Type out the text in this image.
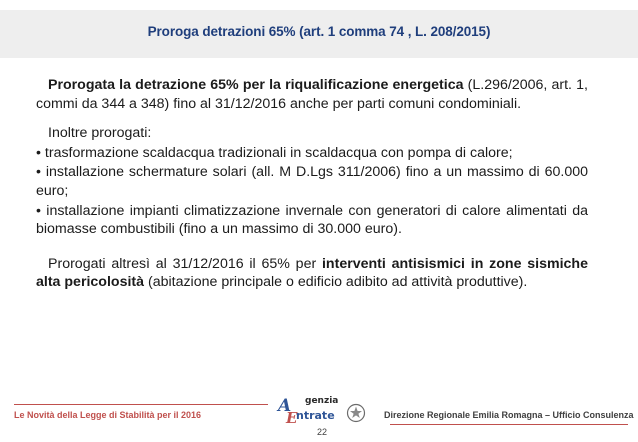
Proroga detrazioni 65% (art. 1 comma 74 , L. 208/2015)
Prorogata la detrazione 65% per la riqualificazione energetica (L.296/2006, art. 1, commi da 344 a 348) fino al 31/12/2016 anche per parti comuni condominiali.
Inoltre prorogati:
• trasformazione scaldacqua tradizionali in scaldacqua con pompa di calore;
• installazione schermature solari (all. M D.Lgs 311/2006) fino a un massimo di 60.000 euro;
• installazione impianti climatizzazione invernale con generatori di calore alimentati da biomasse combustibili (fino a un massimo di 30.000 euro).
Prorogati altresì al 31/12/2016 il 65% per interventi antisismici in zone sismiche alta pericolosità (abitazione principale o edificio adibito ad attività produttive).
Le Novità della Legge di Stabilità per il 2016	A
E
genzia
ntrate	Direzione Regionale Emilia Romagna – Ufficio Consulenza
22
